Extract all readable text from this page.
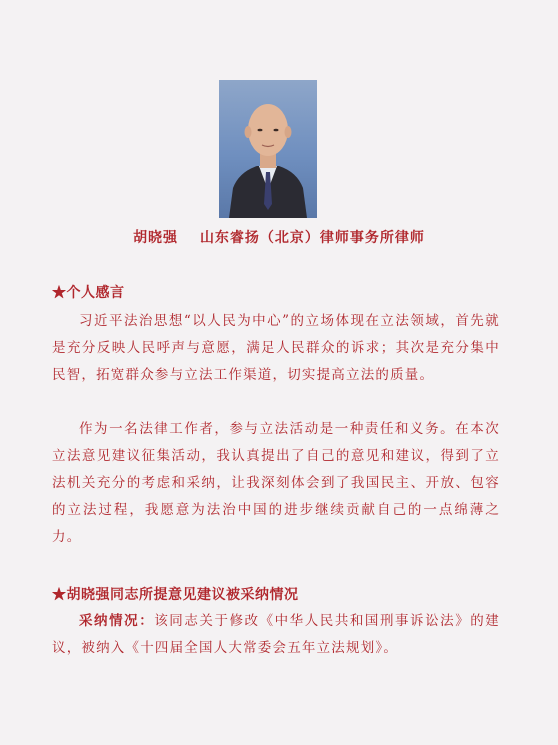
胡晓强 山东睿扬（北京）律师事务所律师
★个人感言

习近平法治思想“以人民为中心”的立场体现在立法领域，首先就是充分反映人民呼声与意愿，满足人民群众的诉求；其次是充分集中民智，拓宽群众参与立法工作渠道，切实提高立法的质量。

作为一名法律工作者，参与立法活动是一种责任和义务。在本次立法意见建议征集活动，我认真提出了自己的意见和建议，得到了立法机关充分的考虑和采纳，让我深刻体会到了我国民主、开放、包容的立法过程，我愿意为法治中国的进步继续贡献自己的一点绵薄之力。

★胡晓强同志所提意见建议被采纳情况

采纳情况：该同志关于修改《中华人民共和国刑事诉讼法》的建议，被纳入《十四届全国人大常委会五年立法规划》。
